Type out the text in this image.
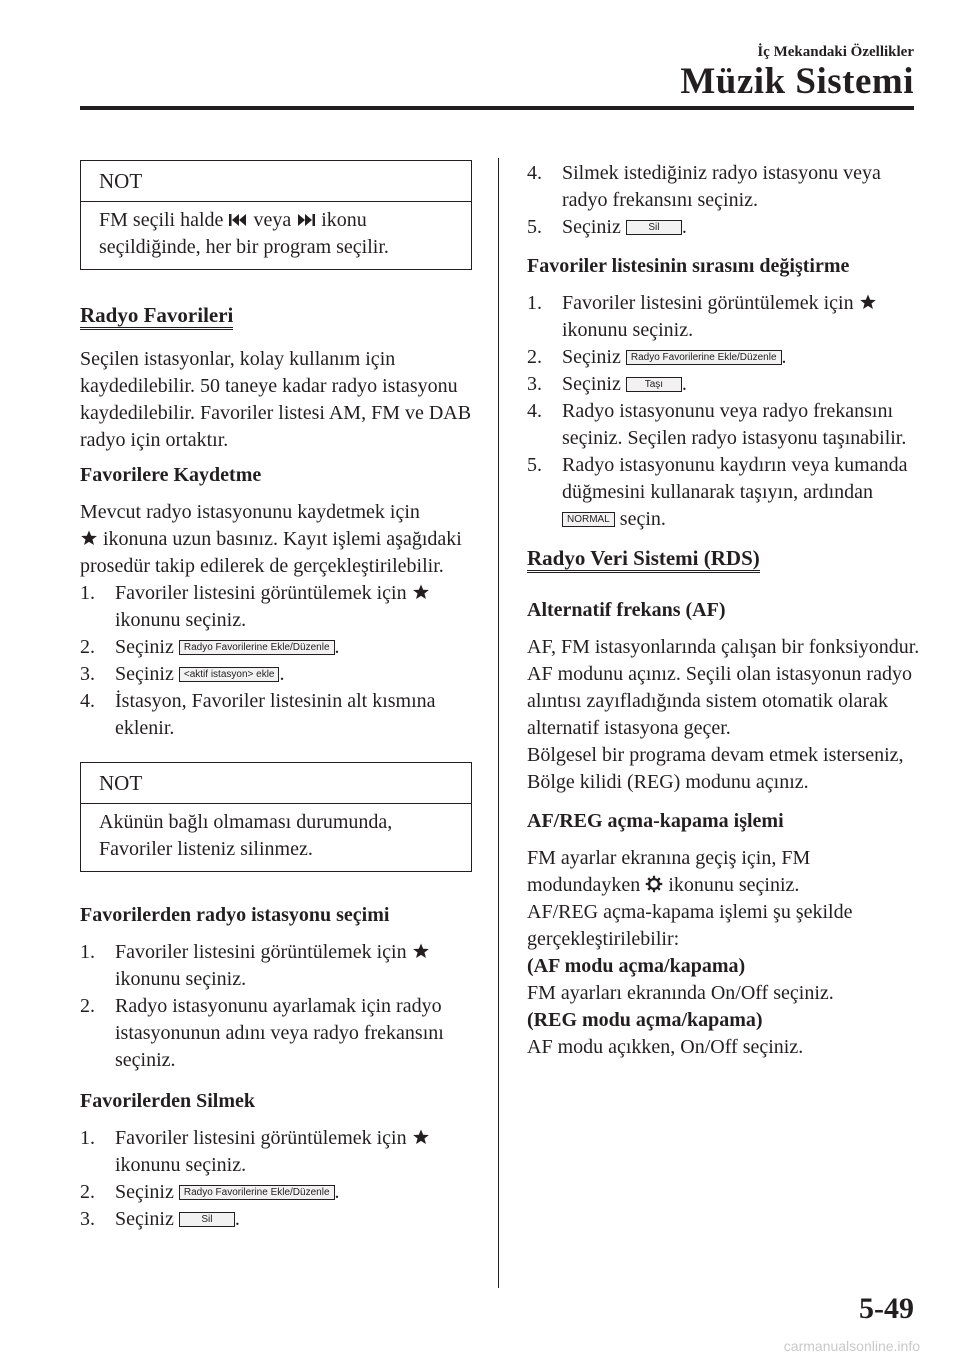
İç Mekandaki Özellikler
Müzik Sistemi
NOT
FM seçili halde veya ikonu
seçildiğinde, her bir program seçilir.
Radyo Favorileri

Seçilen istasyonlar, kolay kullanım için kaydedilebilir. 50 taneye kadar radyo istasyonu kaydedilebilir. Favoriler listesi AM, FM ve DAB radyo için ortaktır.

Favorilere Kaydetme

Mevcut radyo istasyonunu kaydetmek için
ikonuna uzun basınız. Kayıt işlemi aşağıdaki prosedür takip edilerek de gerçekleştirilebilir.

1. Favoriler listesini görüntülemek için
ikonunu seçiniz.
2. Seçiniz Radyo Favorilerine Ekle/Düzenle .
3. Seçiniz <aktif istasyon> ekle .
4. İstasyon, Favoriler listesinin alt kısmına eklenir.
NOT
Akünün bağlı olmaması durumunda, Favoriler listeniz silinmez.
Favorilerden radyo istasyonu seçimi
1. Favoriler listesini görüntülemek için
ikonunu seçiniz.
2. Radyo istasyonunu ayarlamak için radyo istasyonunun adını veya radyo frekansını seçiniz.
Favorilerden Silmek
1. Favoriler listesini görüntülemek için
ikonunu seçiniz.
2. Seçiniz Radyo Favorilerine Ekle/Düzenle .
3. Seçiniz	Sil .
4. Silmek istediğiniz radyo istasyonu veya radyo frekansını seçiniz.
5. Seçiniz	Sil .
Favoriler listesinin sırasını değiştirme
1. Favoriler listesini görüntülemek için
ikonunu seçiniz.
2. Seçiniz Radyo Favorilerine Ekle/Düzenle .
3. Seçiniz Taşı .
4. Radyo istasyonunu veya radyo frekansını seçiniz. Seçilen radyo istasyonu taşınabilir.
5. Radyo istasyonunu kaydırın veya kumanda düğmesini kullanarak taşıyın, ardından NORMAL seçin.
Radyo Veri Sistemi (RDS)
Alternatif frekans (AF)

AF, FM istasyonlarında çalışan bir fonksiyondur. AF modunu açınız. Seçili olan istasyonun radyo alıntısı zayıfladığında sistem otomatik olarak alternatif istasyona geçer.

Bölgesel bir programa devam etmek isterseniz, Bölge kilidi (REG) modunu açınız.

AF/REG açma-kapama işlemi

FM ayarlar ekranına geçiş için, FM modundayken ikonunu seçiniz.

AF/REG açma-kapama işlemi şu şekilde gerçekleştirilebilir:

(AF modu açma/kapama)
FM ayarları ekranında On/Off seçiniz.
(REG modu açma/kapama)
AF modu açıkken, On/Off seçiniz.
5-49
carmanualsonline.info
